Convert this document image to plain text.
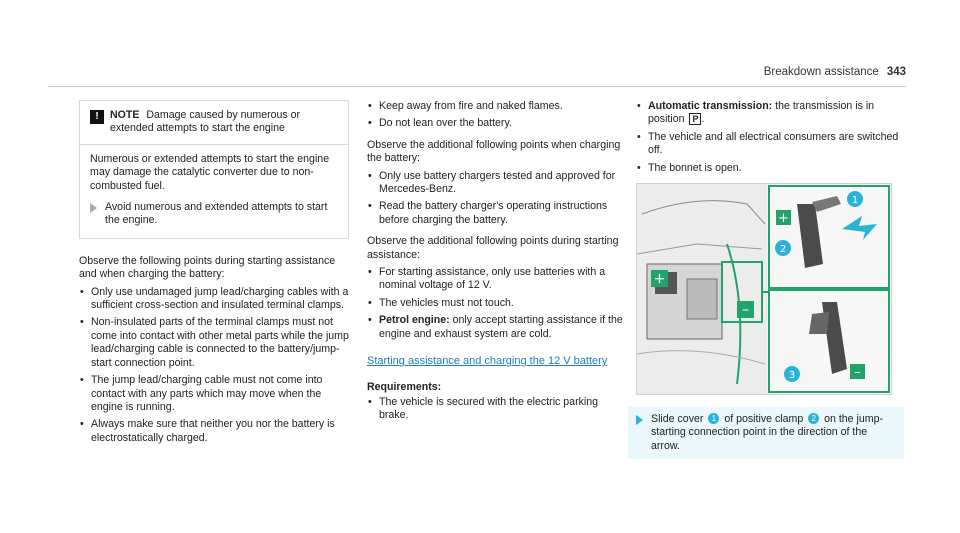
Breakdown assistance 343
!	NOTE Damage caused by numerous or extended attempts to start the engine

Numerous or extended attempts to start the engine may damage the catalytic converter due to non-combusted fuel.

Avoid numerous and extended attempts to start the engine.

Observe the following points during starting assistance and when charging the battery:

• Only use undamaged jump lead/charging cables with a sufficient cross-section and insulated terminal clamps.
• Non-insulated parts of the terminal clamps must not come into contact with other metal parts while the jump lead/charging cable is connected to the battery/jump-start connection point.
• The jump lead/charging cable must not come into contact with any parts which may move when the engine is running.
• Always make sure that neither you nor the battery is electrostatically charged.
• Keep away from fire and naked flames.
• Do not lean over the battery.

Observe the additional following points when charging the battery:

• Only use battery chargers tested and approved for Mercedes-Benz.
• Read the battery charger's operating instructions before charging the battery.

Observe the additional following points during starting assistance:

• For starting assistance, only use batteries with a nominal voltage of 12 V.
• The vehicles must not touch.
• Petrol engine: only accept starting assistance if the engine and exhaust system are cold.
Starting assistance and charging the 12 V battery
Requirements:
• The vehicle is secured with the electric parking brake.
• Automatic transmission: the transmission is in position P .
• The vehicle and all electrical consumers are switched off.
• The bonnet is open.
+
–
+
–
1
2
3
Slide cover 1 of positive clamp 2 on the jump-starting connection point in the direction of the arrow.
